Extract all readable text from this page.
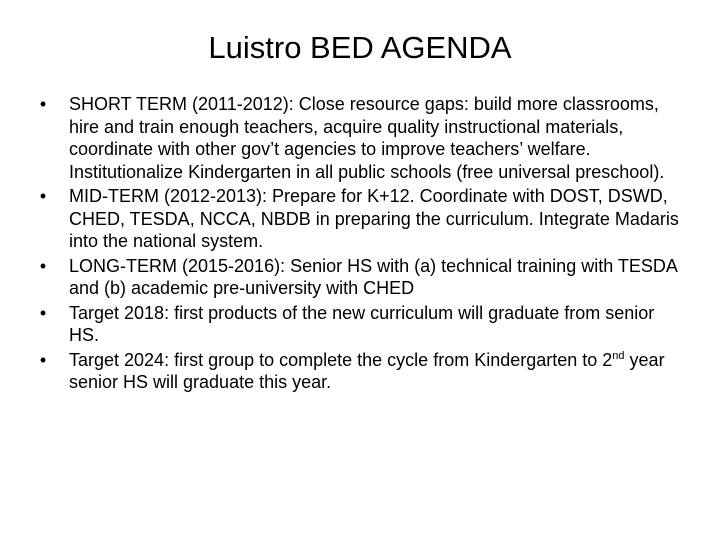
Luistro BED AGENDA
• SHORT TERM (2011-2012): Close resource gaps: build more classrooms, hire and train enough teachers, acquire quality instructional materials, coordinate with other gov’t agencies to improve teachers’ welfare. Institutionalize Kindergarten in all public schools (free universal preschool).
• MID-TERM (2012-2013): Prepare for K+12. Coordinate with DOST, DSWD, CHED, TESDA, NCCA, NBDB in preparing the curriculum. Integrate Madaris into the national system.
• LONG-TERM (2015-2016): Senior HS with (a) technical training with TESDA and (b) academic pre-university with CHED
• Target 2018: first products of the new curriculum will graduate from senior HS.
• Target 2024: first group to complete the cycle from Kindergarten to 2nd year senior HS will graduate this year.
